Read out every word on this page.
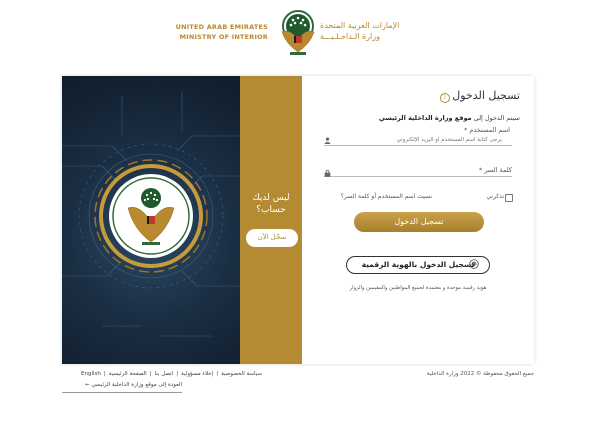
UNITED ARAB EMIRATES
MINISTRY OF INTERIOR
الإمارات العربية المتحدة
وزارة الـداخـلـيـــة
ليس لديك
حساب؟
سجّل الآن
تسجيل الدخول
i
سيتم الدخول إلى موقع وزارة الداخلية الرئيسي
اسم المستخدم *
يرجى كتابة اسم المستخدم أو البريد الإلكتروني
كلمة السر *
تذكرني
نسيت اسم المستخدم أو كلمة السر؟
تسجيل الدخول
تسجيل الدخول بالهوية الرقمية
هوية رقمية موحدة و معتمدة لجميع المواطنين والمقيمين والزوار
جميع الحقوق محفوظة © 2022 وزارة الداخلية
سياسة الخصوصية
|
إخلاء مسؤولية
|
اتصل بنا
|
الصفحة الرئيسية
|
English
العودة إلى موقع وزارة الداخلية الرئيسي ←
